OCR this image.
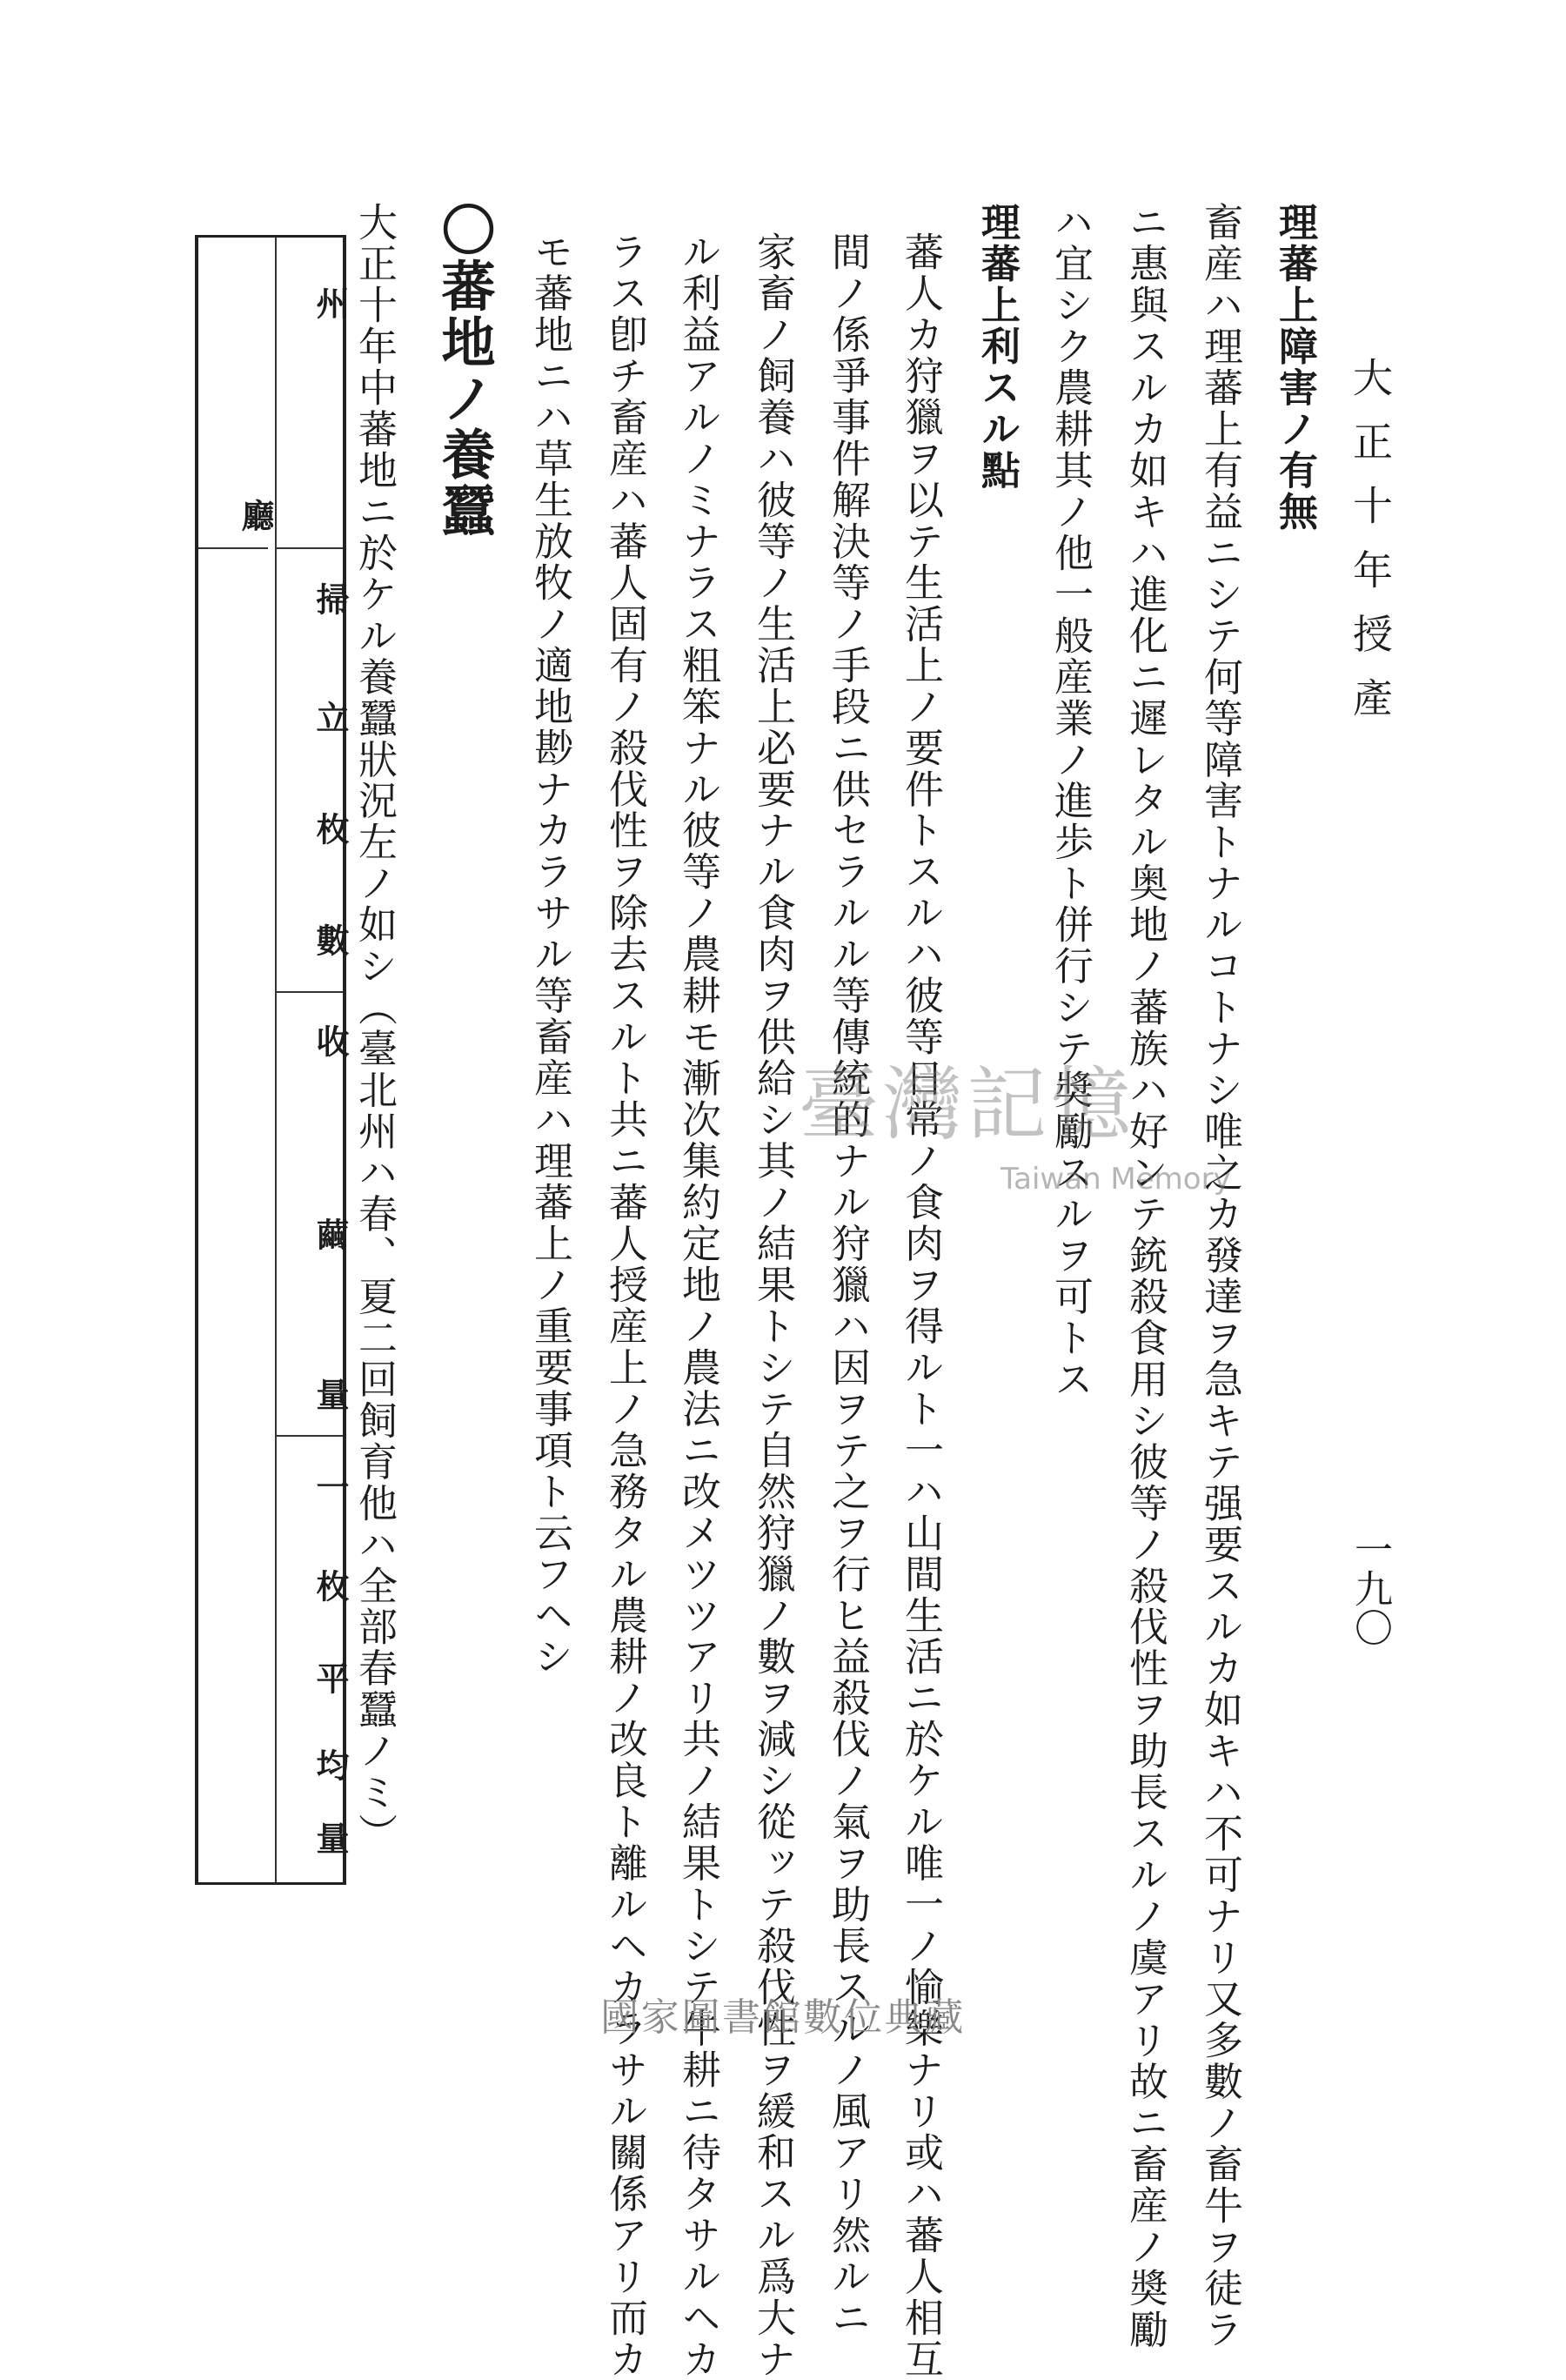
大正十年授產
一九〇
理蕃上障害ノ有無
畜産ハ理蕃上有益ニシテ何等障害トナルコトナシ唯之カ發達ヲ急キテ强要スルカ如キハ不可ナリ又多數ノ畜牛ヲ徒ラ
ニ惠與スルカ如キハ進化ニ遲レタル奥地ノ蕃族ハ好ンテ銃殺食用シ彼等ノ殺伐性ヲ助長スルノ虞アリ故ニ畜産ノ奬勵
ハ宜シク農耕其ノ他一般産業ノ進歩ト併行シテ奬勵スルヲ可トス
理蕃上利スル點
蕃人カ狩獵ヲ以テ生活上ノ要件トスルハ彼等日常ノ食肉ヲ得ルト一ハ山間生活ニ於ケル唯一ノ愉樂ナリ或ハ蕃人相互
間ノ係爭事件解決等ノ手段ニ供セラルル等傳統的ナル狩獵ハ因ヲテ之ヲ行ヒ益殺伐ノ氣ヲ助長スルノ風アリ然ルニ
家畜ノ飼養ハ彼等ノ生活上必要ナル食肉ヲ供給シ其ノ結果トシテ自然狩獵ノ數ヲ減シ從ッテ殺伐性ヲ緩和スル爲大ナ
ル利益アルノミナラス粗笨ナル彼等ノ農耕モ漸次集約定地ノ農法ニ改メツツアリ共ノ結果トシテ牛耕ニ待タサルヘカ
ラス卽チ畜産ハ蕃人固有ノ殺伐性ヲ除去スルト共ニ蕃人授産上ノ急務タル農耕ノ改良ト離ルヘカラサル關係アリ而カ
モ蕃地ニハ草生放牧ノ適地尠ナカラサル等畜産ハ理蕃上ノ重要事項ト云フヘシ
〇蕃地ノ養蠶
大正十年中蕃地ニ於ケル養蠶狀況左ノ如シ（臺北州ハ春、夏二回飼育他ハ全部春蠶ノミ）
州
廳
掃
立
枚
數
收
繭
量
一
枚
平
均
量
臺灣記憶
Taiwan Memory
國家圖書館數位典藏
